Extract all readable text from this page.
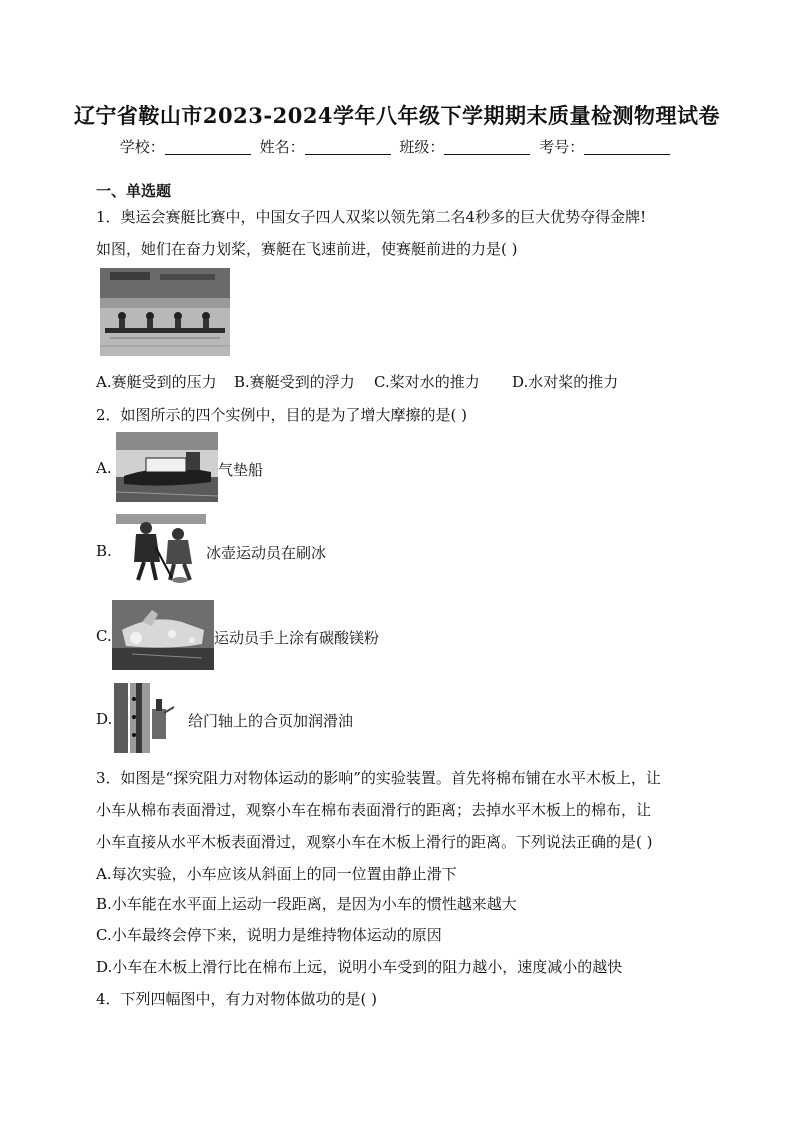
辽宁省鞍山市2023-2024学年八年级下学期期末质量检测物理试卷
学校：	姓名：	班级：	考号：
一、单选题
1．奥运会赛艇比赛中，中国女子四人双桨以领先第二名4秒多的巨大优势夺得金牌!
如图，她们在奋力划桨，赛艇在飞速前进，使赛艇前进的力是( )
A.赛艇受到的压力 B.赛艇受到的浮力 C.桨对水的推力 D.水对桨的推力
2．如图所示的四个实例中，目的是为了增大摩擦的是( )
A.	气垫船
B.	冰壶运动员在刷冰
C.	运动员手上涂有碳酸镁粉
D.	给门轴上的合页加润滑油
3．如图是“探究阻力对物体运动的影响”的实验装置。首先将棉布铺在水平木板上，让
小车从棉布表面滑过，观察小车在棉布表面滑行的距离；去掉水平木板上的棉布，让
小车直接从水平木板表面滑过，观察小车在木板上滑行的距离。下列说法正确的是( )
A.每次实验，小车应该从斜面上的同一位置由静止滑下
B.小车能在水平面上运动一段距离，是因为小车的惯性越来越大
C.小车最终会停下来，说明力是维持物体运动的原因
D.小车在木板上滑行比在棉布上远，说明小车受到的阻力越小，速度减小的越快
4．下列四幅图中，有力对物体做功的是( )
